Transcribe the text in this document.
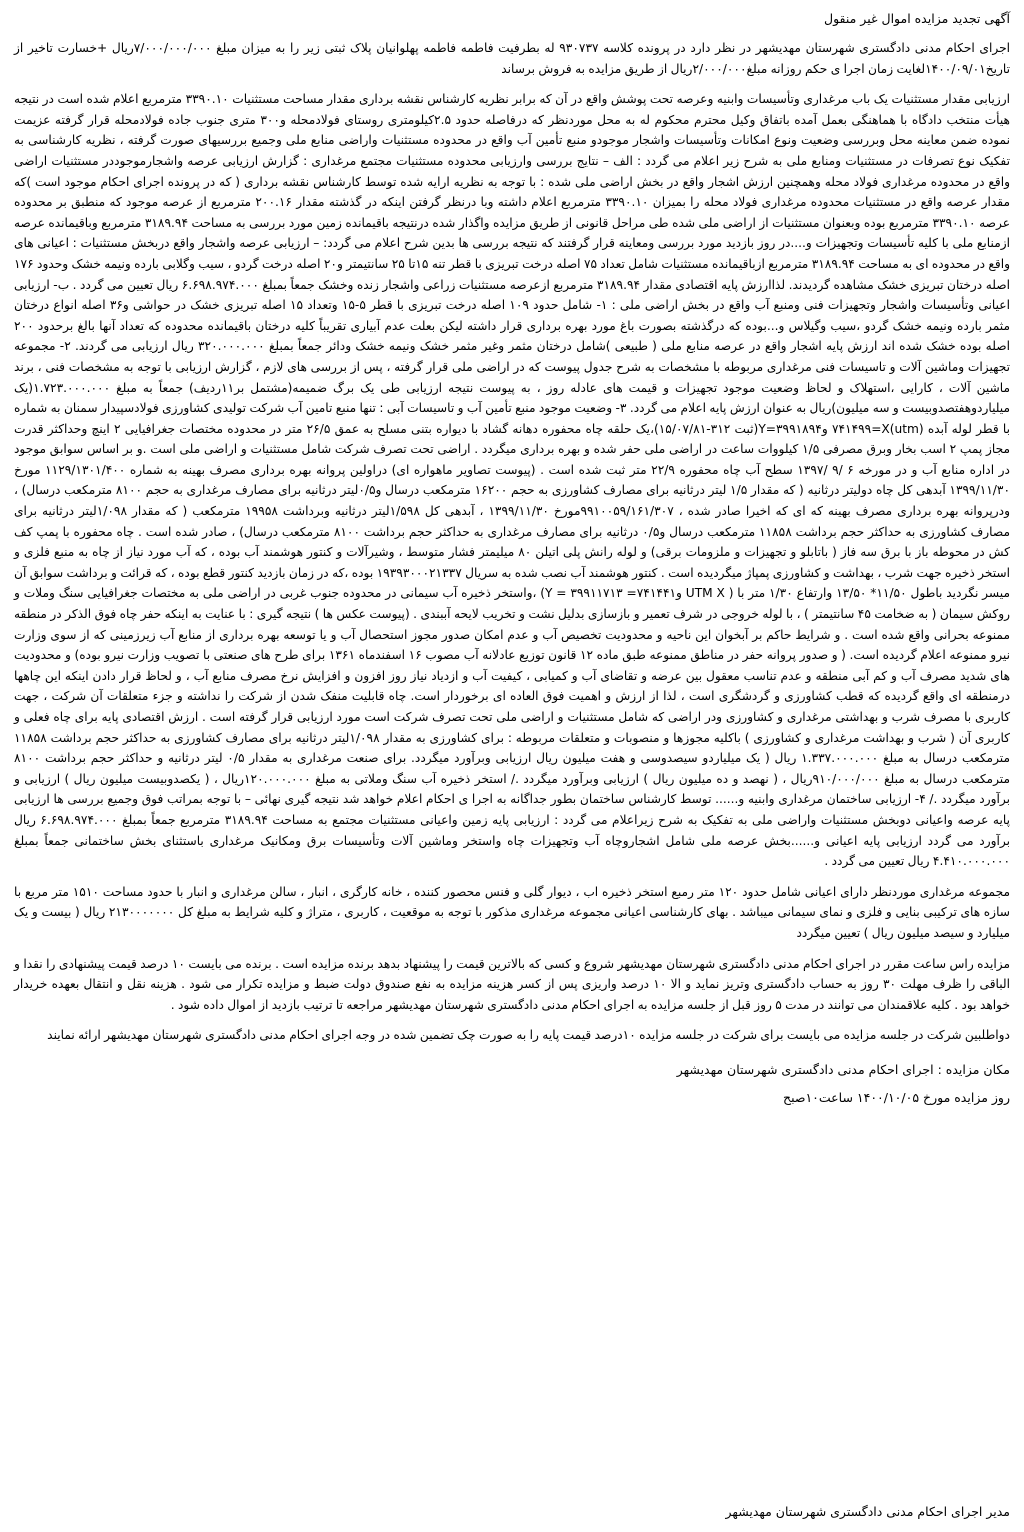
آگهی تجدید مزایده اموال غیر منقول
اجرای احکام مدنی دادگستری شهرستان مهدیشهر در نظر دارد در پرونده کلاسه ۹۳۰۷۳۷ له بطرفیت فاطمه فاطمه پهلوانیان پلاک ثبتی زیر را به میزان مبلغ ۷/۰۰۰/۰۰۰/۰۰۰ریال +خسارت تاخیر از تاریخ۱۴۰۰/۰۹/۰۱لغایت زمان اجرا ی حکم روزانه مبلغ۲/۰۰۰/۰۰۰ریال از طریق مزایده به فروش برساند
ارزیابی مقدار مستثنیات یک باب مرغداری وتأسیسات وابنیه وعرصه تحت پوشش واقع در آن که برابر نظریه کارشناس نقشه برداری مقدار مساحت مستثنیات ۳۳۹۰.۱۰ مترمربع اعلام شده است در نتیجه هیأت منتخب دادگاه با هماهنگی بعمل آمده باتفاق وکیل محترم محکوم له به محل موردنظر که درفاصله حدود ۲.۵کیلومتری روستای فولادمحله و۳۰۰ متری جنوب جاده فولادمحله قرار گرفته عزیمت نموده ضمن معاینه محل وبررسی وضعیت ونوع امکانات وتأسیسات واشجار موجودو منبع تأمین آب واقع در محدوده مستثنیات واراضی منابع ملی وجمیع بررسیهای صورت گرفته ، نظریه کارشناسی به تفکیک نوع تصرفات در مستثنیات ومنابع ملی به شرح زیر اعلام می گردد : الف – نتایج بررسی وارزیابی محدوده مستثنیات مجتمع مرغداری : گزارش ارزیابی عرصه واشجارموجوددر مستثنیات اراضی واقع در محدوده مرغداری فولاد محله وهمچنین ارزش اشجار واقع در بخش اراضی ملی شده : با توجه به نظریه ارایه شده توسط کارشناس نقشه برداری ( که در پرونده اجرای احکام موجود است )که مقدار عرصه واقع در مستثنیات محدوده مرغداری فولاد محله را بمیزان ۳۳۹۰.۱۰ مترمربع اعلام داشته وبا درنظر گرفتن اینکه در گذشته مقدار ۲۰۰.۱۶ مترمربع از عرصه موجود که منطبق بر محدوده عرصه ۳۳۹۰.۱۰ مترمربع بوده وبعنوان مستثنیات از اراضی ملی شده طی مراحل قانونی از طریق مزایده واگذار شده درنتیجه باقیمانده زمین مورد بررسی به مساحت ۳۱۸۹.۹۴ مترمربع وباقیمانده عرصه ازمنابع ملی با کلیه تأسیسات وتجهیزات و....در روز بازدید مورد بررسی ومعاینه قرار گرفتند که نتیجه بررسی ها بدین شرح اعلام می گردد: – ارزیابی عرصه واشجار واقع دربخش مستثنیات : اعیانی های واقع در محدوده ای به مساحت ۳۱۸۹.۹۴ مترمربع ازباقیمانده مستثنیات شامل تعداد ۷۵ اصله درخت تبریزی با قطر تنه ۱۵تا ۲۵ سانتیمتر و۲۰ اصله درخت گردو ، سیب وگلابی بارده ونیمه خشک وحدود ۱۷۶ اصله درختان تبریزی خشک مشاهده گردیدند. لذاارزش پایه اقتصادی مقدار ۳۱۸۹.۹۴ مترمربع ازعرصه مستثنیات زراعی واشجار زنده وخشک جمعاً بمبلغ ۶.۶۹۸.۹۷۴.۰۰۰ ریال تعیین می گردد . ب- ارزیابی اعیانی وتأسیسات واشجار وتجهیزات فنی ومنبع آب واقع در بخش اراضی ملی : ۱- شامل حدود ۱۰۹ اصله درخت تبریزی با قطر ۵-۱۵ وتعداد ۱۵ اصله تبریزی خشک در حواشی و۳۶ اصله انواع درختان مثمر بارده ونیمه خشک گردو ،سیب وگیلاس و...بوده که درگذشته بصورت باغ مورد بهره برداری قرار داشته لیکن بعلت عدم آبیاری تقریباً کلیه درختان باقیمانده محدوده که تعداد آنها بالغ برحدود ۲۰۰ اصله بوده خشک شده اند ارزش پایه اشجار واقع در عرصه منابع ملی ( طبیعی )شامل درختان مثمر وغیر مثمر خشک ونیمه خشک ودائر جمعاً بمبلغ ۳۲۰.۰۰۰.۰۰۰ ریال ارزیابی می گردند. ۲- مجموعه تجهیزات وماشین آلات و تاسیسات فنی مرغداری مربوطه با مشخصات به شرح جدول پیوست که در اراضی ملی قرار گرفته ، پس از بررسی های لازم ، گزارش ارزیابی با توجه به مشخصات فنی ، برند ماشین آلات ، کارایی ،استهلاک و لحاظ وضعیت موجود تجهیزات و قیمت های عادله روز ، به پیوست نتیجه ارزیابی طی یک برگ ضمیمه(مشتمل بر۱۱ردیف) جمعاً به مبلغ ۱.۷۲۳.۰۰۰.۰۰۰(یک میلیاردوهفتصدوبیست و سه میلیون)ریال به عنوان ارزش پایه اعلام می گردد. ۳- وضعیت موجود منبع تأمین آب و تاسیسات آبی : تنها منبع تامین آب شرکت تولیدی کشاورزی فولادسپیدار سمنان به شماره با قطر لوله آبده (utm)۷۴۱۴۹۹=X و۳۹۹۱۸۹۴=Y(ثبت ۳۱۲-۱۵/۰۷/۸۱)،یک حلقه چاه محفوره دهانه گشاد با دیواره بتنی مسلح به عمق ۲۶/۵ متر در محدوده مختصات جغرافیایی ۲ اینچ وحداکثر قدرت مجاز پمپ ۲ اسب بخار وبرق مصرفی ۱/۵ کیلووات ساعت در اراضی ملی حفر شده و بهره برداری میگردد . اراضی تحت تصرف شرکت شامل مستثنیات و اراضی ملی است .و بر اساس سوابق موجود در اداره منابع آب و در مورخه ۶ /۹ /۱۳۹۷ سطح آب چاه محفوره ۲۲/۹ متر ثبت شده است . (پیوست تصاویر ماهواره ای) دراولین پروانه بهره برداری مصرف بهینه به شماره ۱۱۲۹/۱۳۰۱/۴۰۰ مورخ ۱۳۹۹/۱۱/۳۰ آبدهی کل چاه دولیتر درثانیه ( که مقدار ۱/۵ لیتر درثانیه برای مصارف کشاورزی به حجم ۱۶۲۰۰ مترمکعب درسال و۰/۵لیتر درثانیه برای مصارف مرغداری به حجم ۸۱۰۰ مترمکعب درسال) ، ودرپروانه بهره برداری مصرف بهینه که ای که اخیرا صادر شده ، ۹۹۱۰۰۵۹/۱۶۱/۳۰۷مورخ ۱۳۹۹/۱۱/۳۰ ، آبدهی کل ۱/۵۹۸لیتر درثانیه وبرداشت ۱۹۹۵۸ مترمکعب ( که مقدار ۱/۰۹۸لیتر درثانیه برای مصارف کشاورزی به حداکثر حجم برداشت ۱۱۸۵۸ مترمکعب درسال و۰/۵ درثانیه برای مصارف مرغداری به حداکثر حجم برداشت ۸۱۰۰ مترمکعب درسال) ، صادر شده است . چاه محفوره با پمپ کف کش در محوطه باز با برق سه فاز ( باتابلو و تجهیزات و ملزومات برقی) و لوله رانش پلی اتیلن ۸۰ میلیمتر فشار متوسط ، وشیرآلات و کنتور هوشمند آب بوده ، که آب مورد نیاز از چاه به منبع فلزی و استخر ذخیره جهت شرب ، بهداشت و کشاورزی پمپاژ میگردیده است . کنتور هوشمند آب نصب شده به سریال ۱۹۳۹۳۰۰۰۲۱۳۳۷ بوده ،که در زمان بازدید کنتور قطع بوده ، که قرائت و برداشت سوابق آن میسر نگردید باطول ۱۱/۵۰* ۱۳/۵۰ وارتفاع ۱/۳۰ متر با ( UTM X و۷۴۱۴۴۱= Y = ۳۹۹۱۱۷۱۳) ،واستخر ذخیره آب سیمانی در محدوده جنوب غربی در اراضی ملی به مختصات جغرافیایی سنگ وملات و روکش سیمان ( به ضخامت ۴۵ سانتیمتر ) ، با لوله خروجی در شرف تعمیر و بازسازی بدلیل نشت و تخریب لایحه آببندی . (پیوست عکس ها ) نتیجه گیری : با عنایت به اینکه حفر چاه فوق الذکر در منطقه ممنوعه بحرانی واقع شده است . و شرایط حاکم بر آبخوان این ناحیه و محدودیت تخصیص آب و عدم امکان صدور مجوز استحصال آب و یا توسعه بهره برداری از منابع آب زیرزمینی که از سوی وزارت نیرو ممنوعه اعلام گردیده است. ( و صدور پروانه حفر در مناطق ممنوعه طبق ماده ۱۲ قانون توزیع عادلانه آب مصوب ۱۶ اسفندماه ۱۳۶۱ برای طرح های صنعتی با تصویب وزارت نیرو بوده) و محدودیت های شدید مصرف آب و کم آبی منطقه و عدم تناسب معقول بین عرضه و تقاضای آب و کمیابی ، کیفیت آب و ازدیاد نیاز روز افزون و افزایش نرخ مصرف منابع آب ، و لحاظ قرار دادن اینکه این چاهها درمنطقه ای واقع گردیده که قطب کشاورزی و گردشگری است ، لذا از ارزش و اهمیت فوق العاده ای برخوردار است. چاه قابلیت منفک شدن از شرکت را نداشته و جزء متعلقات آن شرکت ، جهت کاربری با مصرف شرب و بهداشتی مرغداری و کشاورزی ودر اراضی که شامل مستثنیات و اراضی ملی تحت تصرف شرکت است مورد ارزیابی قرار گرفته است . ارزش اقتصادی پایه برای چاه فعلی و کاربری آن ( شرب و بهداشت مرغداری و کشاورزی ) باکلیه مجوزها و منصوبات و متعلقات مربوطه : برای کشاورزی به مقدار ۱/۰۹۸لیتر درثانیه برای مصارف کشاورزی به حداکثر حجم برداشت ۱۱۸۵۸ مترمکعب درسال به مبلغ ۱.۳۳۷.۰۰۰.۰۰۰ ریال ( یک میلیاردو سیصدوسی و هفت میلیون ریال ارزیابی وبرآورد میگردد. برای صنعت مرغداری به مقدار ۰/۵ لیتر درثانیه و حداکثر حجم برداشت ۸۱۰۰ مترمکعب درسال به مبلغ ۹۱۰/۰۰۰/۰۰۰ریال ، ( نهصد و ده میلیون ریال ) ارزیابی وبرآورد میگردد ./ استخر ذخیره آب سنگ وملاتی به مبلغ ۱۲۰.۰۰۰.۰۰۰ریال ، ( یکصدوبیست میلیون ریال ) ارزیابی و برآورد میگردد ./ ۴- ارزیابی ساختمان مرغداری وابنیه و...... توسط کارشناس ساختمان بطور جداگانه به اجرا ی احکام اعلام خواهد شد نتیجه گیری نهائی – با توجه بمراتب فوق وجمیع بررسی ها ارزیابی پایه عرصه واعیانی دوبخش مستثنیات واراضی ملی به تفکیک به شرح زیراعلام می گردد : ارزیابی پایه زمین واعیانی مستثنیات مجتمع به مساحت ۳۱۸۹.۹۴ مترمربع جمعاً بمبلغ ۶.۶۹۸.۹۷۴.۰۰۰ ریال برآورد می گردد ارزیابی پایه اعیانی و......بخش عرصه ملی شامل اشجاروچاه آب وتجهیزات چاه واستخر وماشین آلات وتأسیسات برق ومکانیک مرغداری باستثنای بخش ساختمانی جمعاً بمبلغ ۴.۴۱۰.۰۰۰.۰۰۰ ریال تعیین می گردد .
مجموعه مرغداری موردنظر دارای اعیانی شامل حدود ۱۲۰ متر رمبع استخر ذخیره اب ، دیوار گلی و فنس محصور کننده ، خانه کارگری ، انبار ، سالن مرغداری و انبار با حدود مساحت ۱۵۱۰ متر مربع با سازه های ترکیبی بنایی و فلزی و نمای سیمانی میباشد . بهای کارشناسی اعیانی مجموعه مرغداری مذکور با توجه به موقعیت ، کاربری ، متراژ و کلیه شرایط به مبلغ کل ۲۱۳۰۰۰۰۰۰۰ ریال ( بیست و یک میلیارد و سیصد میلیون ریال ) تعیین میگردد
مزایده راس ساعت مقرر در اجرای احکام مدنی دادگستری شهرستان مهدیشهر شروع و کسی که بالاترین قیمت را پیشنهاد بدهد برنده مزایده است . برنده می بایست ۱۰ درصد قیمت پیشنهادی را نقدا و الباقی را ظرف مهلت ۳۰ روز به حساب دادگستری وتریز نماید و الا ۱۰ درصد واریزی پس از کسر هزینه مزایده به نفع صندوق دولت ضبط و مزایده تکرار می شود . هزینه نقل و انتقال بعهده خریدار خواهد بود . کلیه علاقمندان می توانند در مدت ۵ روز قبل از جلسه مزایده به اجرای احکام مدنی دادگستری شهرستان مهدیشهر مراجعه تا ترتیب بازدید از اموال داده شود .
دواطلبین شرکت در جلسه مزایده می بایست برای شرکت در جلسه مزایده ۱۰درصد قیمت پایه را به صورت چک تضمین شده در وجه اجرای احکام مدنی دادگستری شهرستان مهدیشهر ارائه نمایند
مکان مزایده : اجرای احکام مدنی دادگستری شهرستان مهدیشهر
روز مزایده مورخ ۱۴۰۰/۱۰/۰۵ ساعت۱۰صبح
مدیر اجرای احکام مدنی دادگستری شهرستان مهدیشهر
